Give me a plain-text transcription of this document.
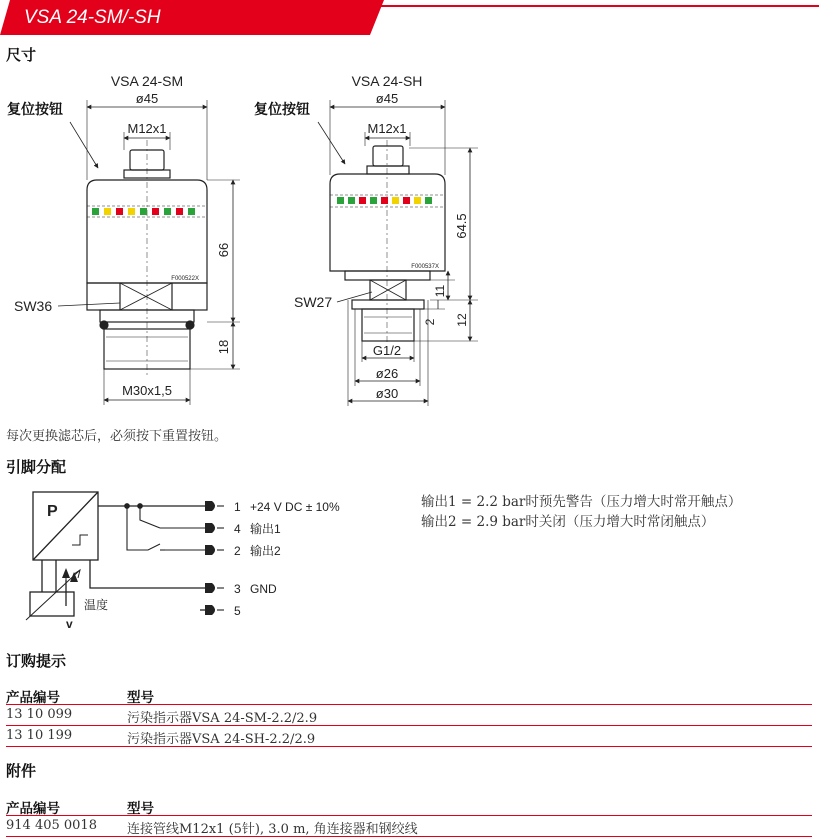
VSA 24-SM/-SH
尺寸
VSA 24-SM
ø45
M12x1
复位按钮
F000522X
66
18
SW36
M30x1,5
VSA 24-SH
ø45
M12x1
复位按钮
F000537X
64.5
11
12
2
SW27
G1/2
ø26
ø30
每次更换滤芯后，必须按下重置按钮。
引脚分配
P
温度
v
1 +24 V DC ± 10%
4 输出1
2 输出2
3 GND
5
输出1 = 2.2 bar时预先警告（压力增大时常开触点）
输出2 = 2.9 bar时关闭（压力增大时常闭触点）
订购提示
产品编号	型号
13 10 099	污染指示器VSA 24-SM-2.2/2.9
13 10 199	污染指示器VSA 24-SH-2.2/2.9
附件
产品编号	型号
914 405 0018 连接管线M12x1 (5针), 3.0 m, 角连接器和钢绞线
